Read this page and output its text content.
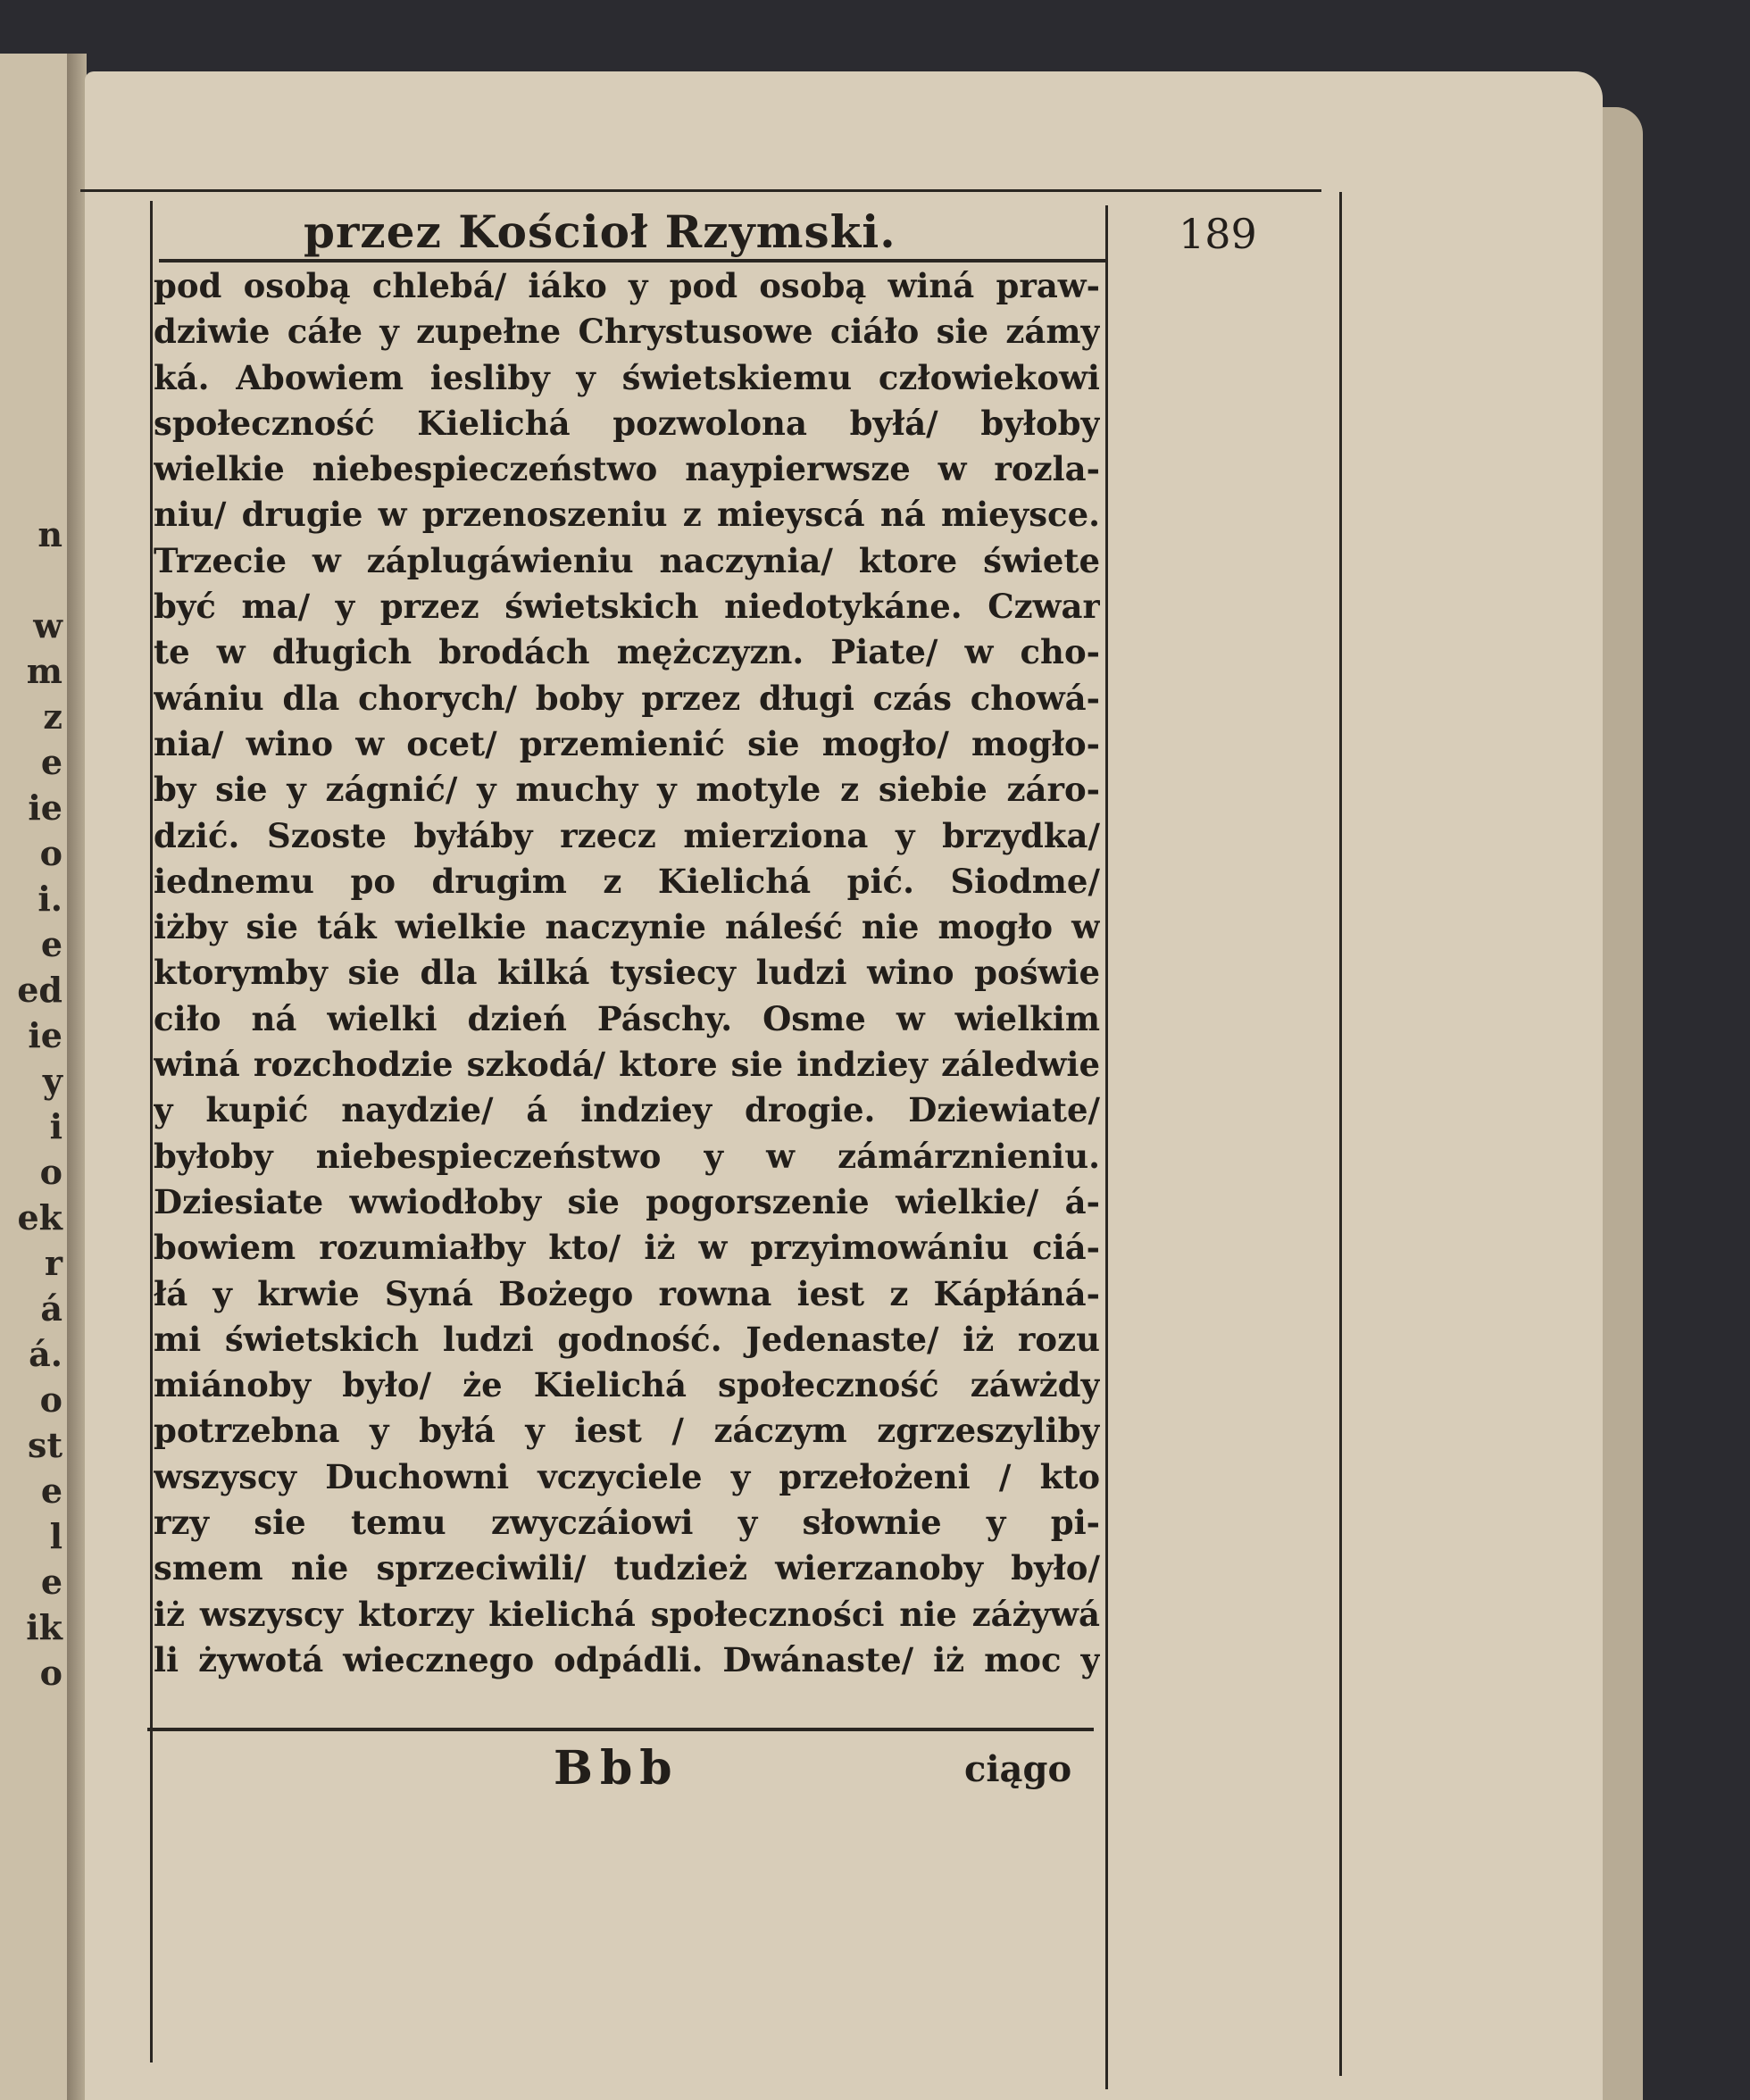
n
w
m
z
e
ie
o
i.
e
ed
ie
y
i
o
ek
r
á
á.
o
st
e
l
e
ik
o
przez Kościoł Rzymski.	189
pod osobą chlebá/ iáko y pod osobą winá praw-
dziwie cáłe y zupełne Chrystusowe ciáło sie zámy
ká. Abowiem iesliby y świetskiemu człowiekowi
społeczność Kielichá pozwolona byłá/ byłoby
wielkie niebespieczeństwo naypierwsze w rozla-
niu/ drugie w przenoszeniu z mieyscá ná mieysce.
Trzecie w záplugáwieniu naczynia/ ktore świete
być ma/ y przez świetskich niedotykáne. Czwar
te w długich brodách mężczyzn. Piate/ w cho-
wániu dla chorych/ boby przez długi czás chowá-
nia/ wino w ocet/ przemienić sie mogło/ mogło-
by sie y zágnić/ y muchy y motyle z siebie záro-
dzić. Szoste byłáby rzecz mierziona y brzydka/
iednemu po drugim z Kielichá pić. Siodme/
iżby sie ták wielkie naczynie náleść nie mogło w
ktorymby sie dla kilká tysiecy ludzi wino poświe
ciło ná wielki dzień Páschy. Osme w wielkim
winá rozchodzie szkodá/ ktore sie indziey záledwie
y kupić naydzie/ á indziey drogie. Dziewiate/
byłoby niebespieczeństwo y w zámárznieniu.
Dziesiate wwiodłoby sie pogorszenie wielkie/ á-
bowiem rozumiałby kto/ iż w przyimowániu ciá-
łá y krwie Syná Bożego rowna iest z Kápłáná-
mi świetskich ludzi godność. Jedenaste/ iż rozu
miánoby było/ że Kielichá społeczność záwżdy
potrzebna y byłá y iest / záczym zgrzeszyliby
wszyscy Duchowni vczyciele y przełożeni / kto
rzy sie temu zwyczáiowi y słownie y pi-
smem nie sprzeciwili/ tudzież wierzanoby było/
iż wszyscy ktorzy kielichá społeczności nie záżywá
li żywotá wiecznego odpádli. Dwánaste/ iż moc y
Bbb	ciągo
